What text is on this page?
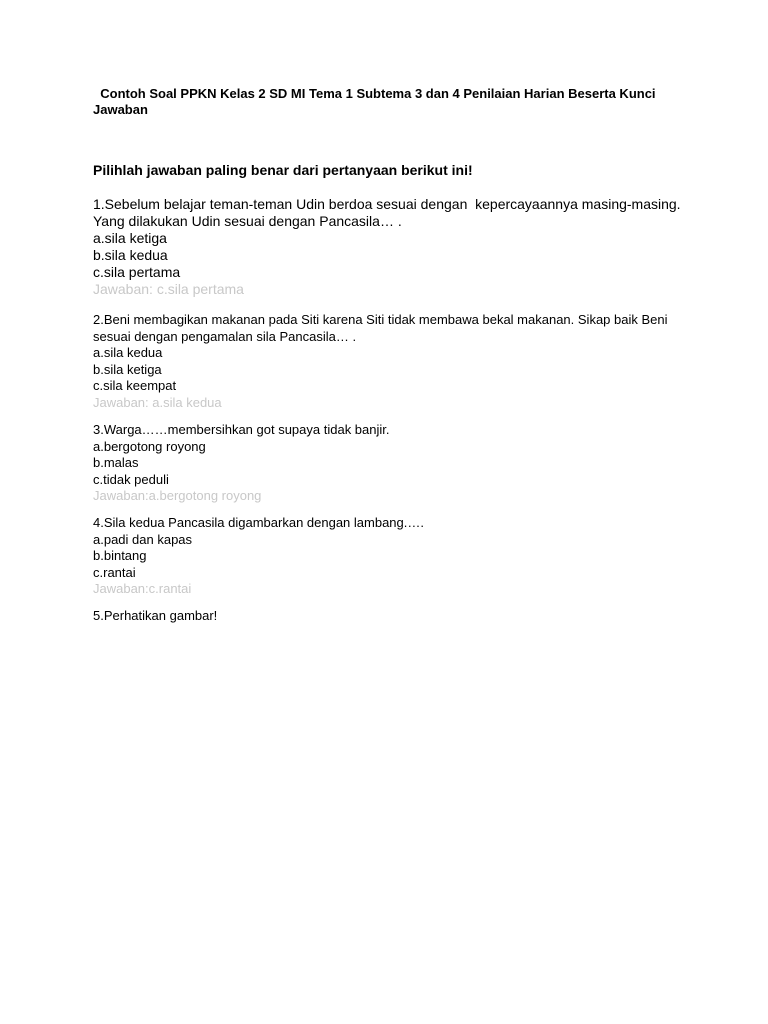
Contoh Soal PPKN Kelas 2 SD MI Tema 1 Subtema 3 dan 4 Penilaian Harian Beserta Kunci Jawaban

Pilihlah jawaban paling benar dari pertanyaan berikut ini!

1.Sebelum belajar teman-teman Udin berdoa sesuai dengan  kepercayaannya masing-masing. Yang dilakukan Udin sesuai dengan Pancasila… .
a.sila ketiga
b.sila kedua
c.sila pertama
Jawaban: c.sila pertama
2.Beni membagikan makanan pada Siti karena Siti tidak membawa bekal makanan. Sikap baik Beni sesuai dengan pengamalan sila Pancasila… .
a.sila kedua
b.sila ketiga
c.sila keempat
Jawaban: a.sila kedua
3.Warga……membersihkan got supaya tidak banjir.
a.bergotong royong
b.malas
c.tidak peduli
Jawaban:a.bergotong royong
4.Sila kedua Pancasila digambarkan dengan lambang.….
a.padi dan kapas
b.bintang
c.rantai
Jawaban:c.rantai
5.Perhatikan gambar!
